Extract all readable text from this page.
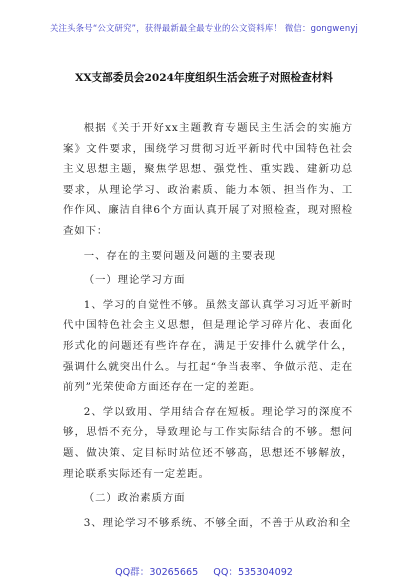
关注头条号“公文研究”，获得最新最全最专业的公文资料库！ 微信：gongwenyj
XX支部委员会2024年度组织生活会班子对照检查材料

根据《关于开好xx主题教育专题民主生活会的实施方案》文件要求，围绕学习贯彻习近平新时代中国特色社会主义思想主题，聚焦学思想、强党性、重实践、建新功总要求，从理论学习、政治素质、能力本领、担当作为、工作作风、廉洁自律6个方面认真开展了对照检查，现对照检查如下：

一、存在的主要问题及问题的主要表现

（一）理论学习方面

1、学习的自觉性不够。虽然支部认真学习习近平新时代中国特色社会主义思想，但是理论学习碎片化、表面化形式化的问题还有些许存在，满足于安排什么就学什么，强调什么就突出什么。与扛起“争当表率、争做示范、走在前列”光荣使命方面还存在一定的差距。

2、学以致用、学用结合存在短板。理论学习的深度不够，思悟不充分，导致理论与工作实际结合的不够。想问题、做决策、定目标时站位还不够高，思想还不够解放，理论联系实际还有一定差距。

（二）政治素质方面

3、理论学习不够系统、不够全面，不善于从政治和全

QQ群：30265665 QQ：535304092
